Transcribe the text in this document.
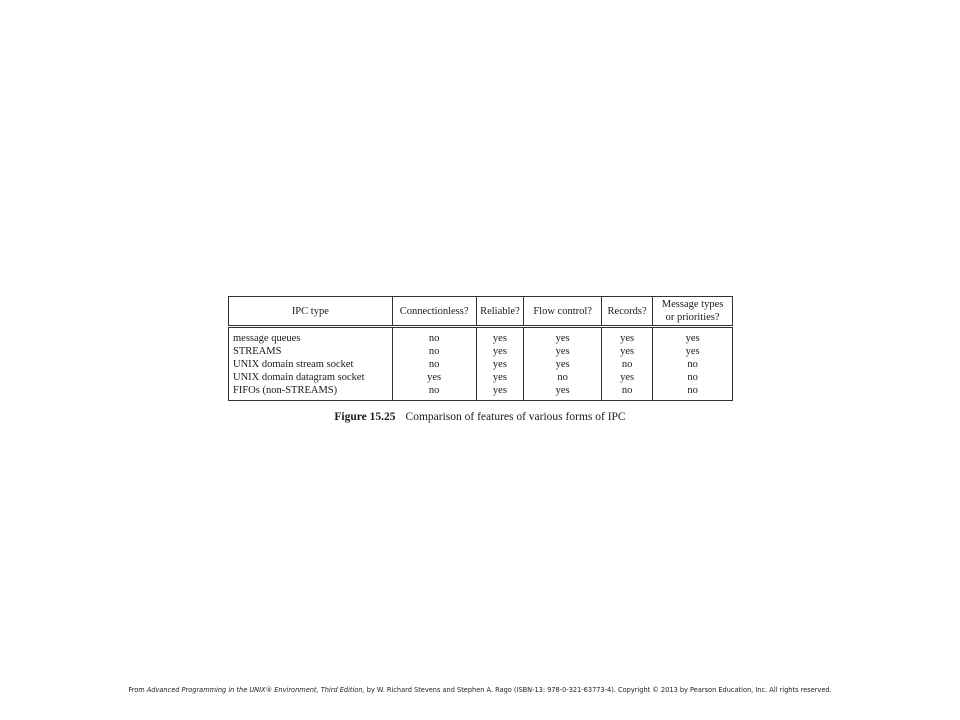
IPC type	Connectionless?	Reliable?	Flow control?	Records?	Message types
or priorities?

message queues	no	yes	yes	yes	yes
STREAMS	no	yes	yes	yes	yes
UNIX domain stream socket	no	yes	yes	no	no
UNIX domain datagram socket	yes	yes	no	yes	no
FIFOs (non-STREAMS)	no	yes	yes	no	no
Figure 15.25 Comparison of features of various forms of IPC
From Advanced Programming in the UNIX® Environment, Third Edition, by W. Richard Stevens and Stephen A. Rago (ISBN-13: 978-0-321-63773-4). Copyright © 2013 by Pearson Education, Inc. All rights reserved.
